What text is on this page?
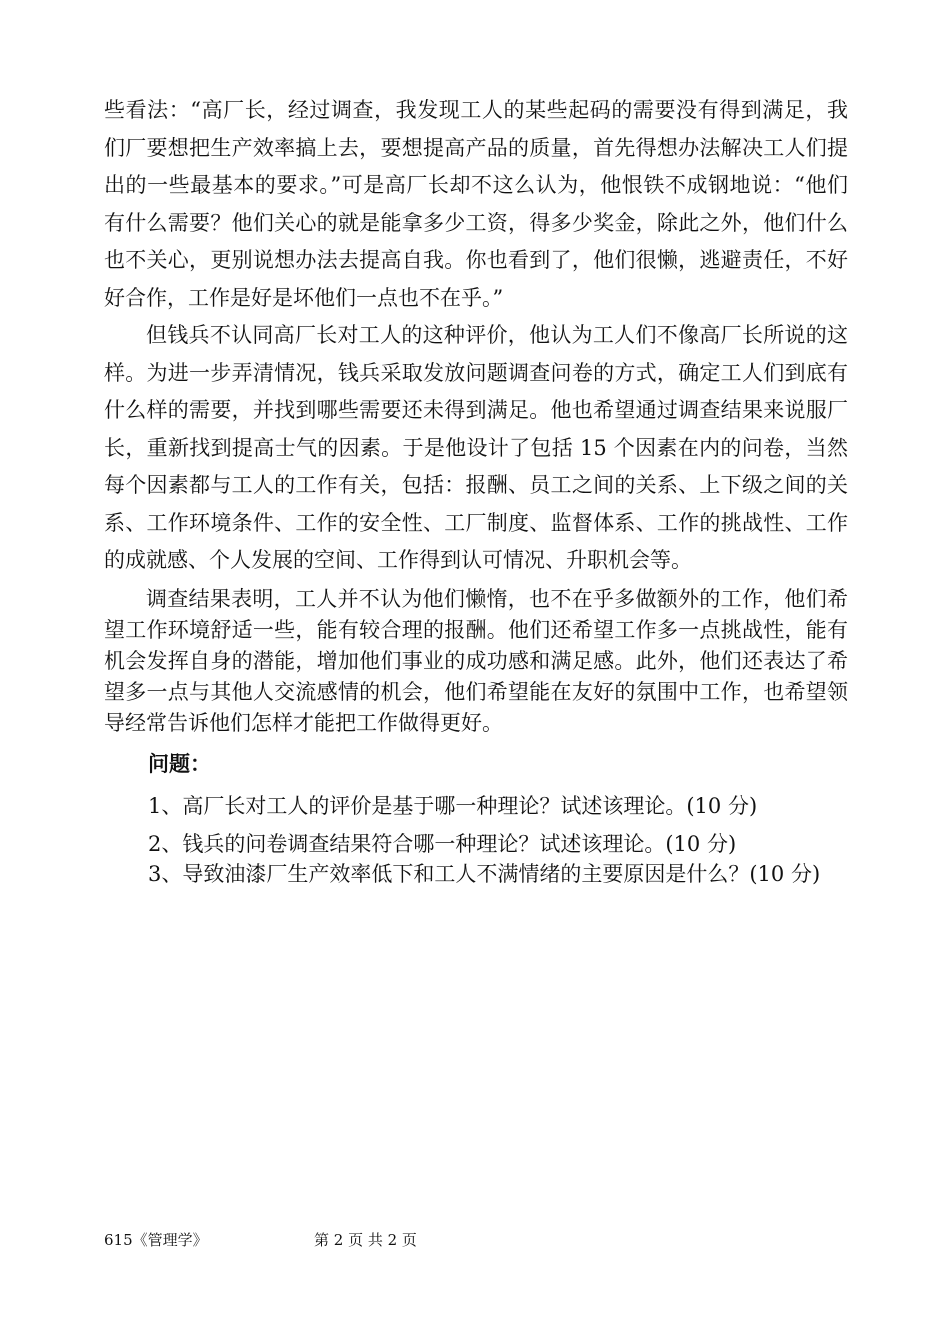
些看法：“高厂长，经过调查，我发现工人的某些起码的需要没有得到满足，我们厂要想把生产效率搞上去，要想提高产品的质量，首先得想办法解决工人们提出的一些最基本的要求。”可是高厂长却不这么认为，他恨铁不成钢地说：“他们有什么需要？他们关心的就是能拿多少工资，得多少奖金，除此之外，他们什么也不关心，更别说想办法去提高自我。你也看到了，他们很懒，逃避责任，不好好合作，工作是好是坏他们一点也不在乎。”

但钱兵不认同高厂长对工人的这种评价，他认为工人们不像高厂长所说的这样。为进一步弄清情况，钱兵采取发放问题调查问卷的方式，确定工人们到底有什么样的需要，并找到哪些需要还未得到满足。他也希望通过调查结果来说服厂长，重新找到提高士气的因素。于是他设计了包括 15 个因素在内的问卷，当然每个因素都与工人的工作有关，包括：报酬、员工之间的关系、上下级之间的关系、工作环境条件、工作的安全性、工厂制度、监督体系、工作的挑战性、工作的成就感、个人发展的空间、工作得到认可情况、升职机会等。

调查结果表明，工人并不认为他们懒惰，也不在乎多做额外的工作，他们希望工作环境舒适一些，能有较合理的报酬。他们还希望工作多一点挑战性，能有机会发挥自身的潜能，增加他们事业的成功感和满足感。此外，他们还表达了希望多一点与其他人交流感情的机会，他们希望能在友好的氛围中工作，也希望领导经常告诉他们怎样才能把工作做得更好。

问题：

1、高厂长对工人的评价是基于哪一种理论？试述该理论。(10 分)

2、钱兵的问卷调查结果符合哪一种理论？试述该理论。(10 分)

3、导致油漆厂生产效率低下和工人不满情绪的主要原因是什么？(10 分)

615《管理学》	第 2 页 共 2 页
